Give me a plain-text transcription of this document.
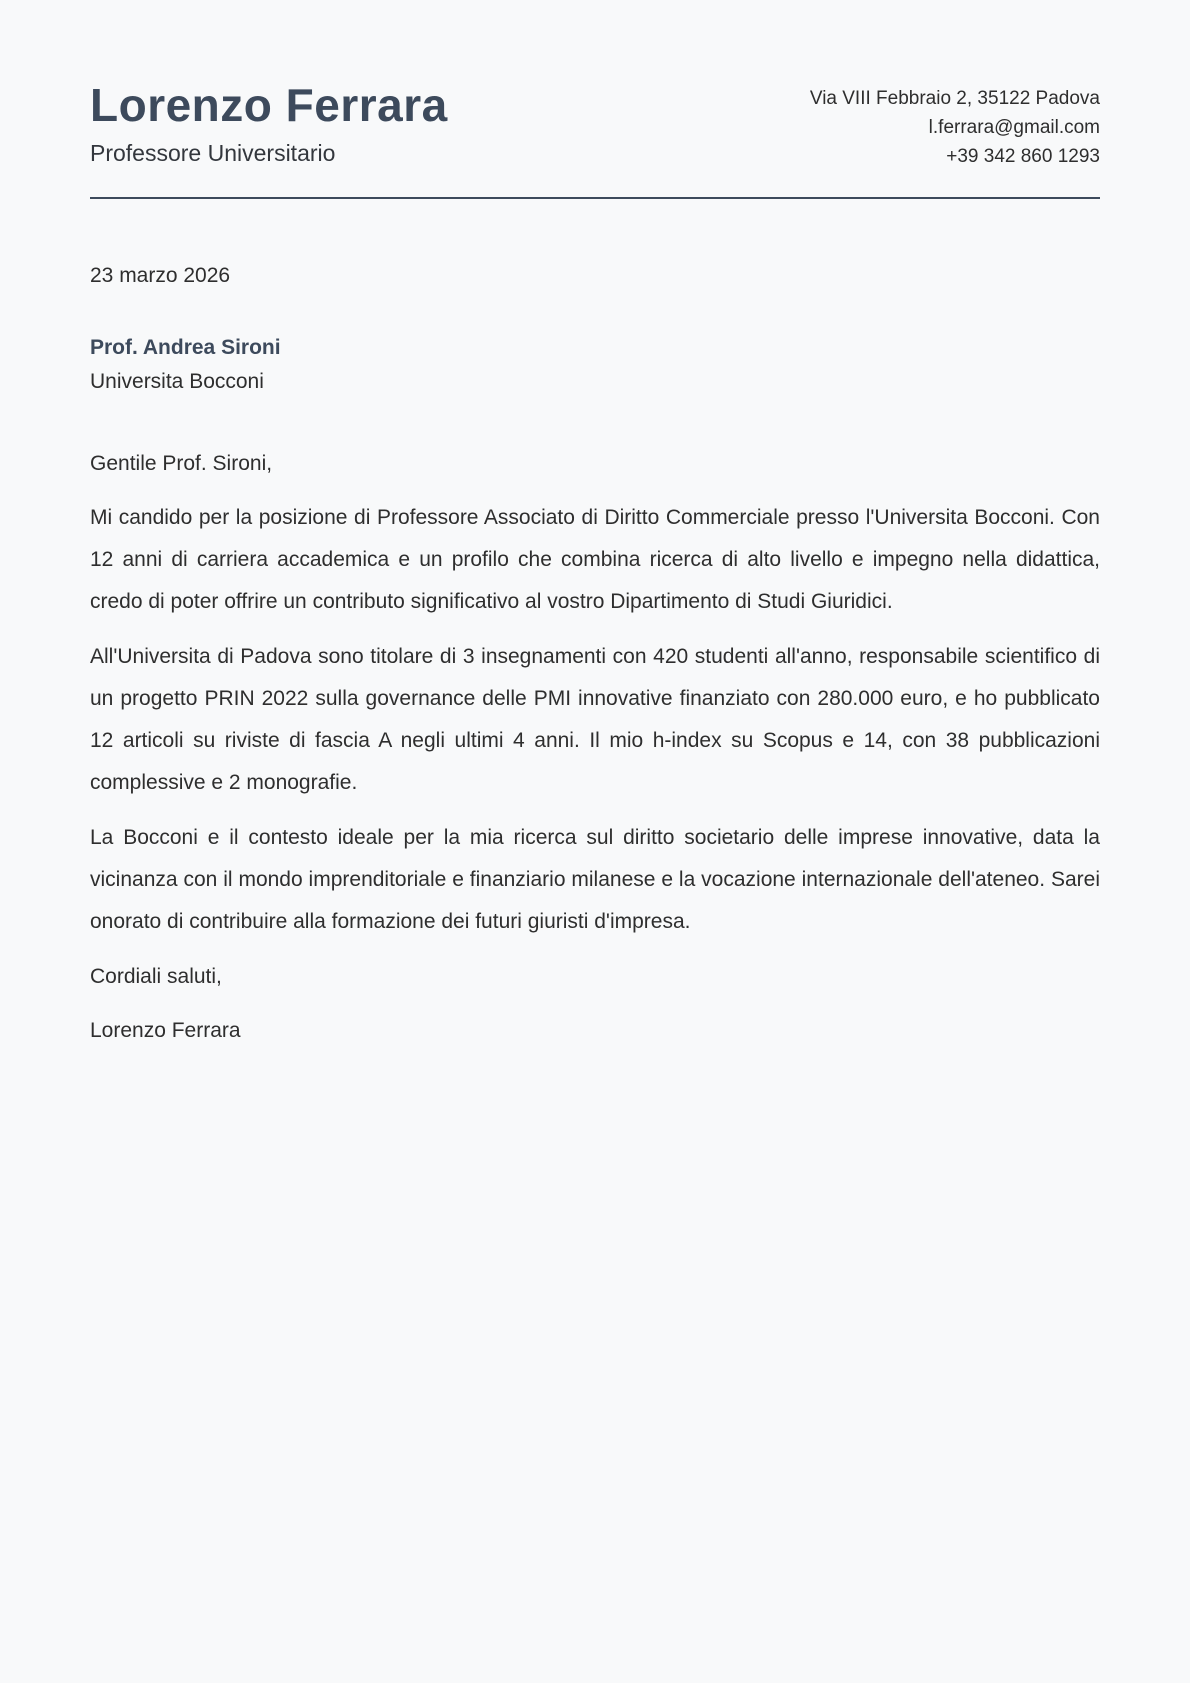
Lorenzo Ferrara
Professore Universitario
Via VIII Febbraio 2, 35122 Padova
l.ferrara@gmail.com
+39 342 860 1293

23 marzo 2026

Prof. Andrea Sironi

Universita Bocconi

Gentile Prof. Sironi,

Mi candido per la posizione di Professore Associato di Diritto Commerciale presso l'Universita Bocconi. Con 12 anni di carriera accademica e un profilo che combina ricerca di alto livello e impegno nella didattica, credo di poter offrire un contributo significativo al vostro Dipartimento di Studi Giuridici.

All'Universita di Padova sono titolare di 3 insegnamenti con 420 studenti all'anno, responsabile scientifico di un progetto PRIN 2022 sulla governance delle PMI innovative finanziato con 280.000 euro, e ho pubblicato 12 articoli su riviste di fascia A negli ultimi 4 anni. Il mio h-index su Scopus e 14, con 38 pubblicazioni complessive e 2 monografie.

La Bocconi e il contesto ideale per la mia ricerca sul diritto societario delle imprese innovative, data la vicinanza con il mondo imprenditoriale e finanziario milanese e la vocazione internazionale dell'ateneo. Sarei onorato di contribuire alla formazione dei futuri giuristi d'impresa.

Cordiali saluti,

Lorenzo Ferrara
